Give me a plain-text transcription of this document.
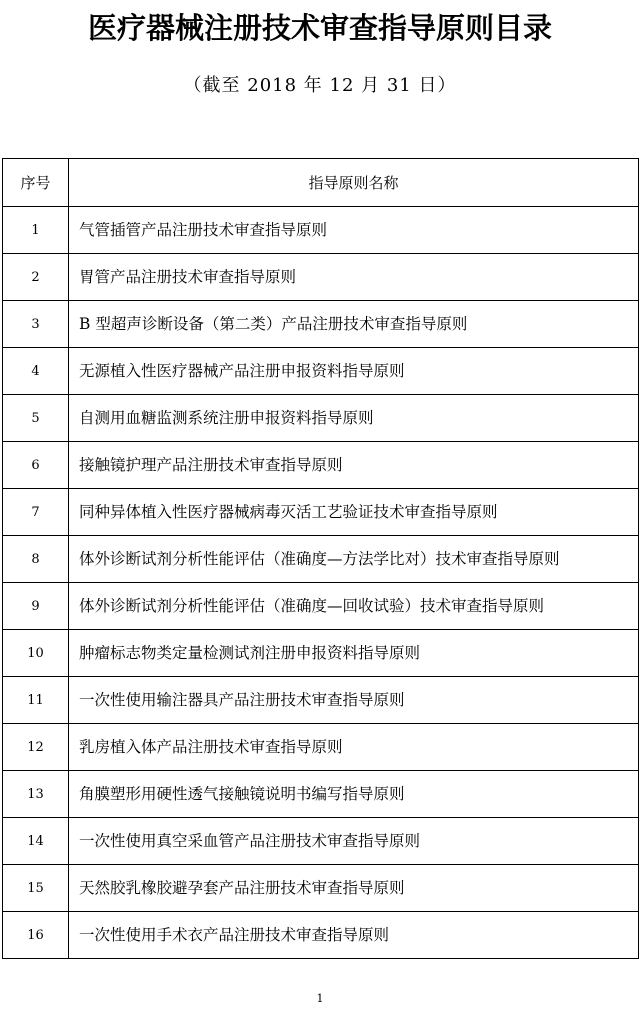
医疗器械注册技术审查指导原则目录
（截至 2018 年 12 月 31 日）
序号	指导原则名称
1	气管插管产品注册技术审查指导原则
2	胃管产品注册技术审查指导原则
3	B 型超声诊断设备（第二类）产品注册技术审查指导原则
4	无源植入性医疗器械产品注册申报资料指导原则
5	自测用血糖监测系统注册申报资料指导原则
6	接触镜护理产品注册技术审查指导原则
7	同种异体植入性医疗器械病毒灭活工艺验证技术审查指导原则
8	体外诊断试剂分析性能评估（准确度—方法学比对）技术审查指导原则
9	体外诊断试剂分析性能评估（准确度—回收试验）技术审查指导原则
10	肿瘤标志物类定量检测试剂注册申报资料指导原则
11	一次性使用输注器具产品注册技术审查指导原则
12	乳房植入体产品注册技术审查指导原则
13	角膜塑形用硬性透气接触镜说明书编写指导原则
14	一次性使用真空采血管产品注册技术审查指导原则
15	天然胶乳橡胶避孕套产品注册技术审查指导原则
16	一次性使用手术衣产品注册技术审查指导原则
1
